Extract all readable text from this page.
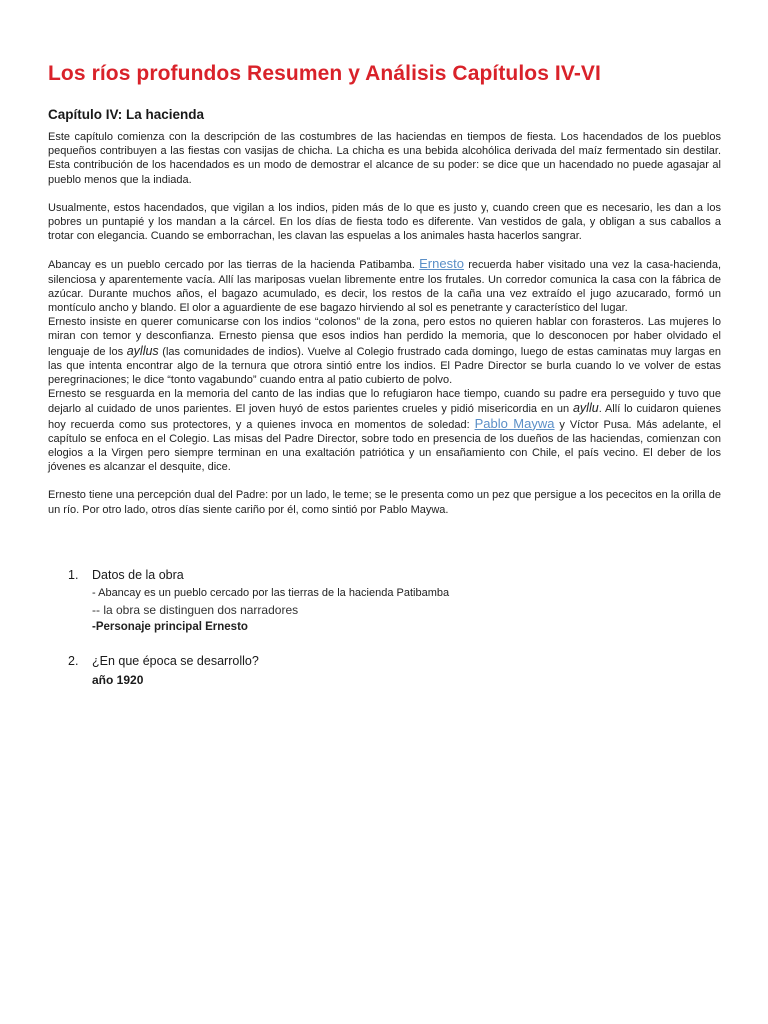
Los ríos profundos Resumen y Análisis Capítulos IV-VI
Capítulo IV: La hacienda

Este capítulo comienza con la descripción de las costumbres de las haciendas en tiempos de fiesta. Los hacendados de los pueblos pequeños contribuyen a las fiestas con vasijas de chicha. La chicha es una bebida alcohólica derivada del maíz fermentado sin destilar. Esta contribución de los hacendados es un modo de demostrar el alcance de su poder: se dice que un hacendado no puede agasajar al pueblo menos que la indiada.

Usualmente, estos hacendados, que vigilan a los indios, piden más de lo que es justo y, cuando creen que es necesario, les dan a los pobres un puntapié y los mandan a la cárcel. En los días de fiesta todo es diferente. Van vestidos de gala, y obligan a sus caballos a trotar con elegancia. Cuando se emborrachan, les clavan las espuelas a los animales hasta hacerlos sangrar.

Abancay es un pueblo cercado por las tierras de la hacienda Patibamba. Ernesto recuerda haber visitado una vez la casa-hacienda, silenciosa y aparentemente vacía. Allí las mariposas vuelan libremente entre los frutales. Un corredor comunica la casa con la fábrica de azúcar. Durante muchos años, el bagazo acumulado, es decir, los restos de la caña una vez extraído el jugo azucarado, formó un montículo ancho y blando. El olor a aguardiente de ese bagazo hirviendo al sol es penetrante y característico del lugar.

Ernesto insiste en querer comunicarse con los indios “colonos” de la zona, pero estos no quieren hablar con forasteros. Las mujeres lo miran con temor y desconfianza. Ernesto piensa que esos indios han perdido la memoria, que lo desconocen por haber olvidado el lenguaje de los ayllus (las comunidades de indios). Vuelve al Colegio frustrado cada domingo, luego de estas caminatas muy largas en las que intenta encontrar algo de la ternura que otrora sintió entre los indios. El Padre Director se burla cuando lo ve volver de estas peregrinaciones; le dice “tonto vagabundo” cuando entra al patio cubierto de polvo.

Ernesto se resguarda en la memoria del canto de las indias que lo refugiaron hace tiempo, cuando su padre era perseguido y tuvo que dejarlo al cuidado de unos parientes. El joven huyó de estos parientes crueles y pidió misericordia en un ayllu. Allí lo cuidaron quienes hoy recuerda como sus protectores, y a quienes invoca en momentos de soledad: Pablo Maywa y Víctor Pusa. Más adelante, el capítulo se enfoca en el Colegio. Las misas del Padre Director, sobre todo en presencia de los dueños de las haciendas, comienzan con elogios a la Virgen pero siempre terminan en una exaltación patriótica y un ensañamiento con Chile, el país vecino. El deber de los jóvenes es alcanzar el desquite, dice.

Ernesto tiene una percepción dual del Padre: por un lado, le teme; se le presenta como un pez que persigue a los pececitos en la orilla de un río. Por otro lado, otros días siente cariño por él, como sintió por Pablo Maywa.

1. Datos de la obra
- Abancay es un pueblo cercado por las tierras de la hacienda Patibamba
-- la obra se distinguen dos narradores
-Personaje principal Ernesto
2. ¿En que época se desarrollo?
año 1920
